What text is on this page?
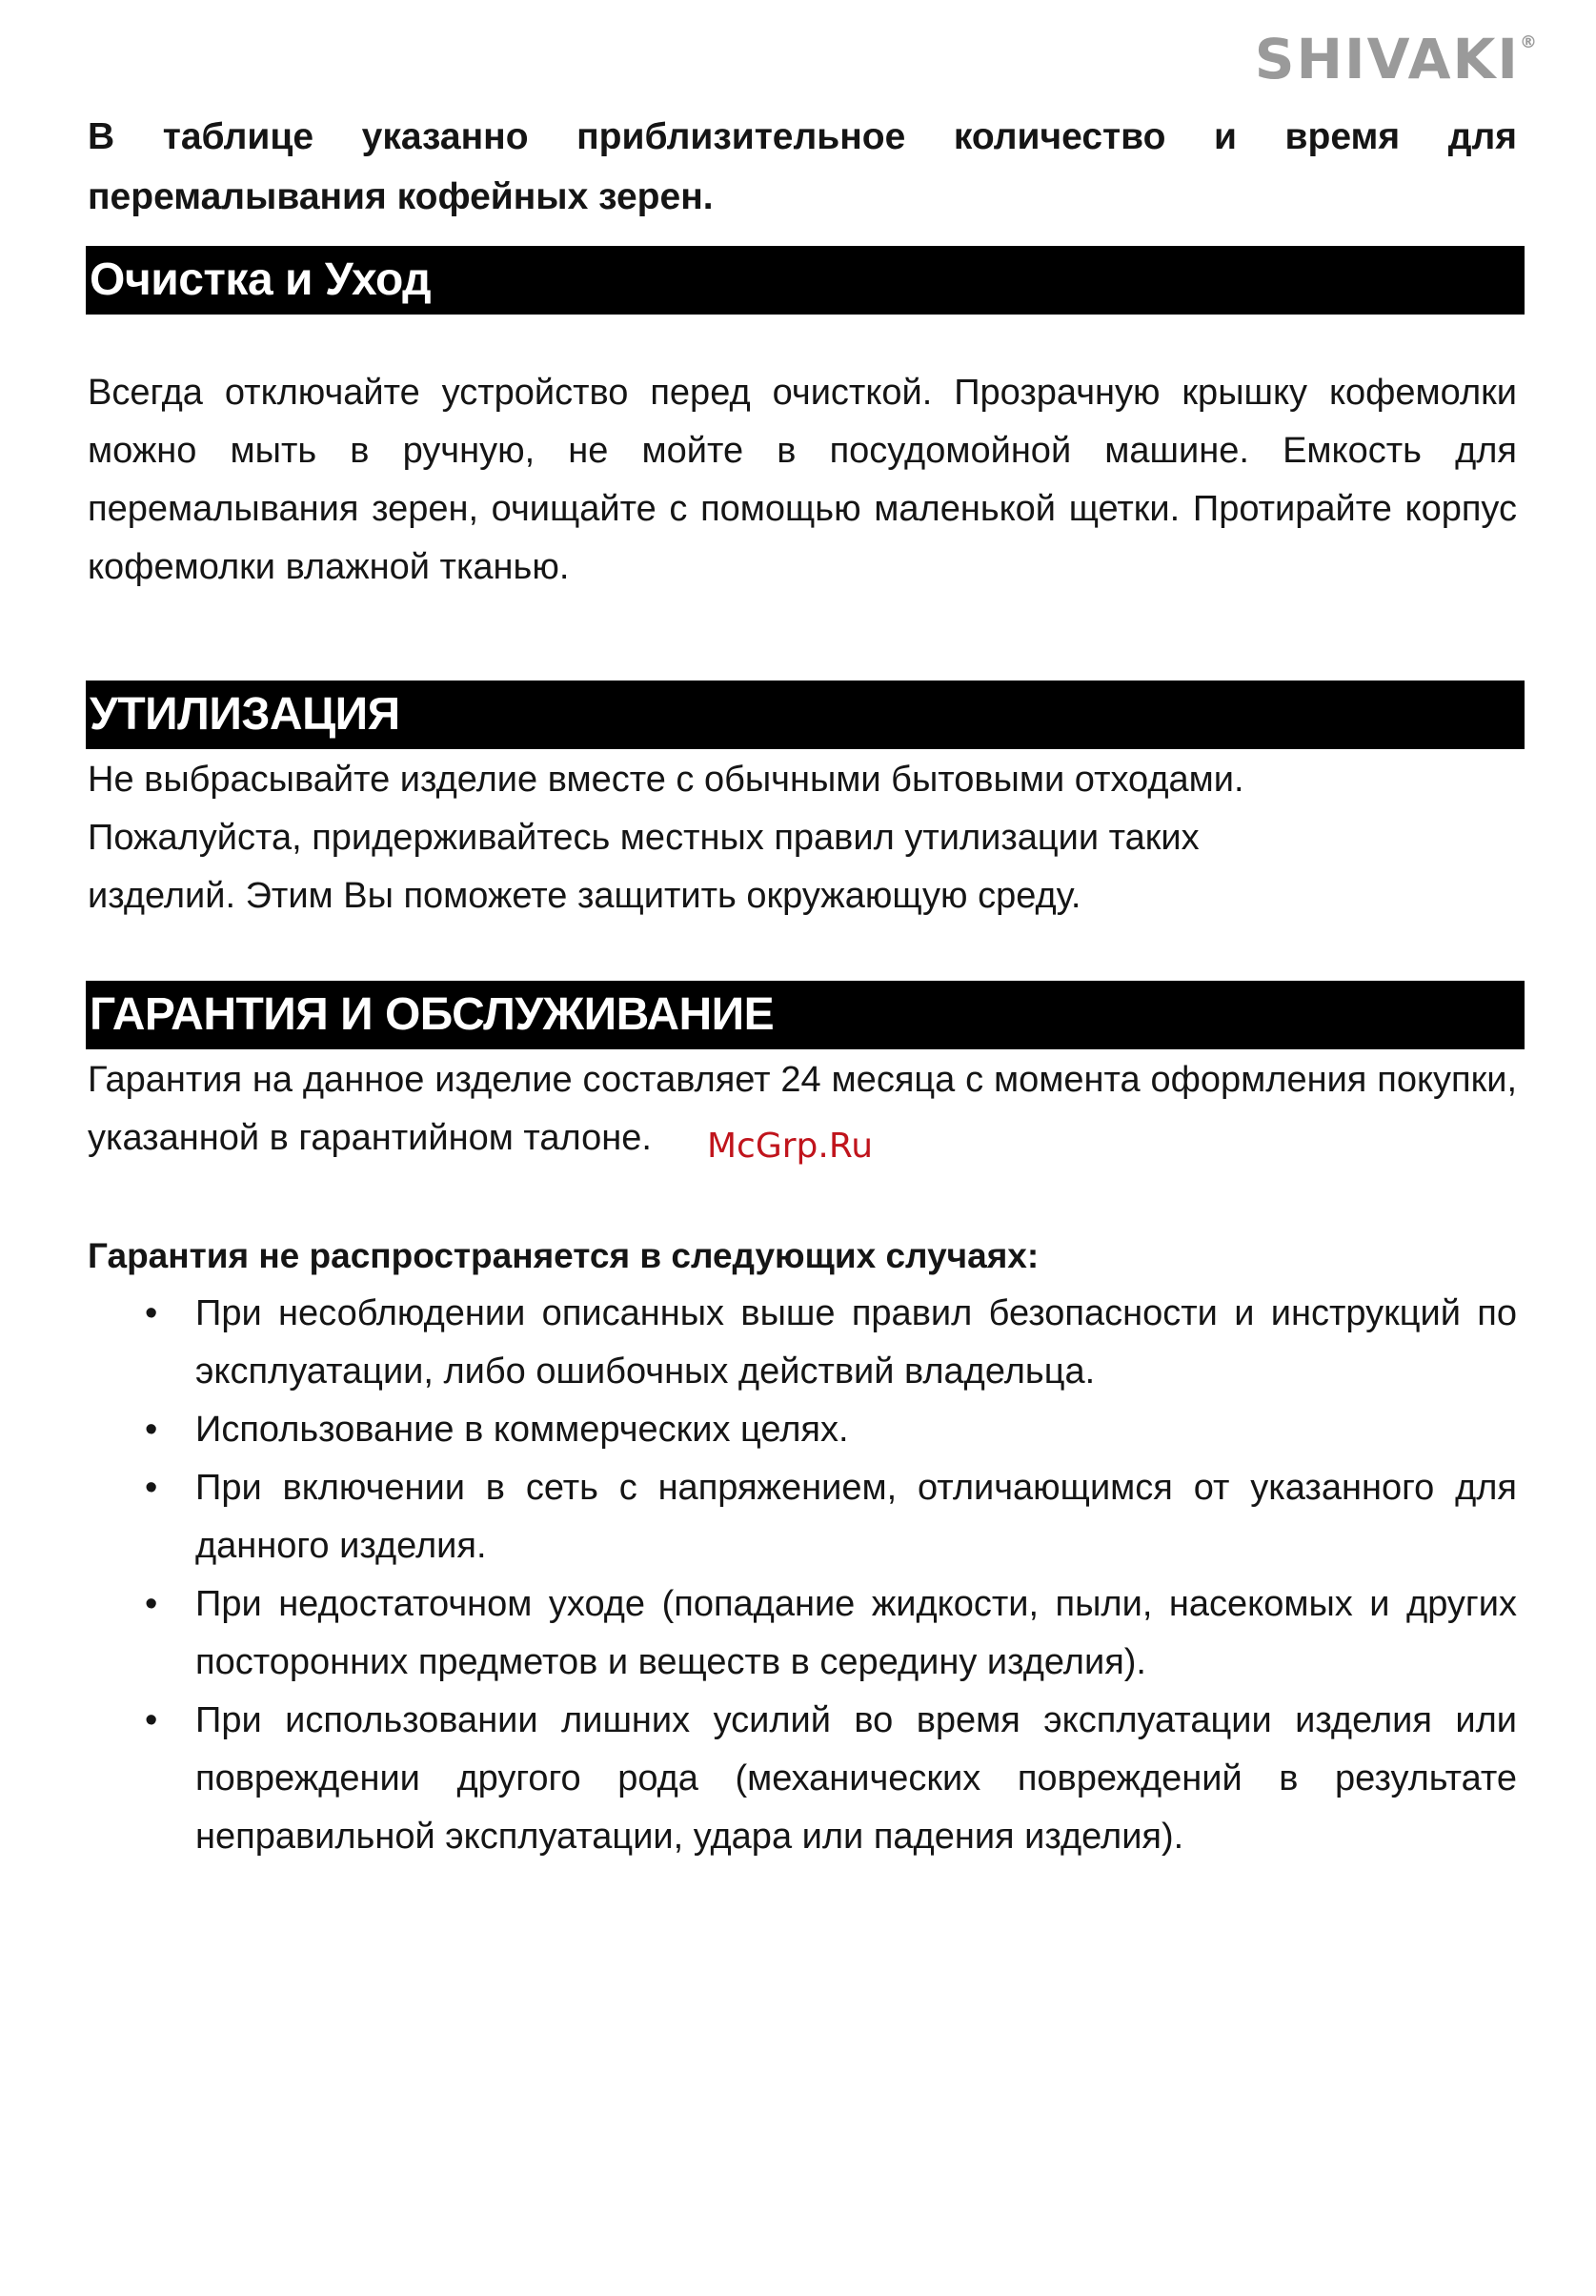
SHIVAKI®

В таблице указанно приблизительное количество и время для перемалывания кофейных зерен.

Очистка и Уход

Всегда отключайте устройство перед очисткой. Прозрачную крышку кофемолки можно мыть в ручную, не мойте в посудомойной машине. Емкость для перемалывания зерен, очищайте с помощью маленькой щетки. Протирайте корпус кофемолки влажной тканью.

УТИЛИЗАЦИЯ
Не выбрасывайте изделие вместе с обычными бытовыми отходами.
Пожалуйста, придерживайтесь местных правил утилизации таких
изделий. Этим Вы поможете защитить окружающую среду.
ГАРАНТИЯ И ОБСЛУЖИВАНИЕ

Гарантия на данное изделие составляет 24 месяца с момента оформления покупки, указанной в гарантийном талоне.

Гарантия не распространяется в следующих случаях:

• При несоблюдении описанных выше правил безопасности и инструкций по эксплуатации, либо ошибочных действий владельца.
• Использование в коммерческих целях.
• При включении в сеть с напряжением, отличающимся от указанного для данного изделия.
• При недостаточном уходе (попадание жидкости, пыли, насекомых и других посторонних предметов и веществ в середину изделия).
• При использовании лишних усилий во время эксплуатации изделия или повреждении другого рода (механических повреждений в результате неправильной эксплуатации, удара или падения изделия).
McGrp.Ru
